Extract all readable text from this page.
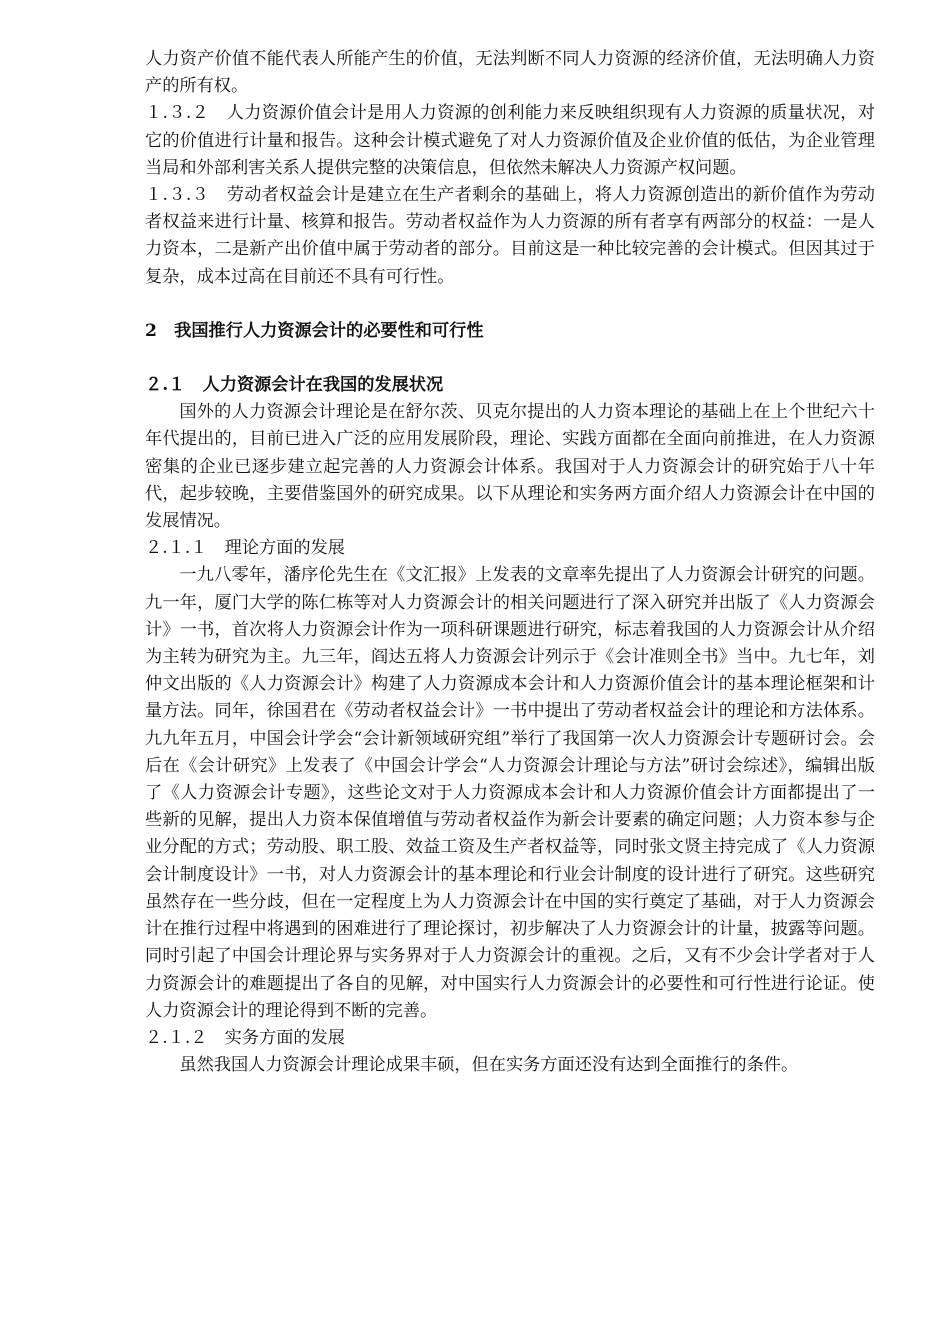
人力资产价值不能代表人所能产生的价值，无法判断不同人力资源的经济价值，无法明确人力资产的所有权。

１.３.２　人力资源价值会计是用人力资源的创利能力来反映组织现有人力资源的质量状况，对它的价值进行计量和报告。这种会计模式避免了对人力资源价值及企业价值的低估，为企业管理当局和外部利害关系人提供完整的决策信息，但依然未解决人力资源产权问题。

１.３.３　劳动者权益会计是建立在生产者剩余的基础上，将人力资源创造出的新价值作为劳动者权益来进行计量、核算和报告。劳动者权益作为人力资源的所有者享有两部分的权益：一是人力资本，二是新产出价值中属于劳动者的部分。目前这是一种比较完善的会计模式。但因其过于复杂，成本过高在目前还不具有可行性。

2　我国推行人力资源会计的必要性和可行性
２.１　人力资源会计在我国的发展状况

国外的人力资源会计理论是在舒尔茨、贝克尔提出的人力资本理论的基础上在上个世纪六十年代提出的，目前已进入广泛的应用发展阶段，理论、实践方面都在全面向前推进，在人力资源密集的企业已逐步建立起完善的人力资源会计体系。我国对于人力资源会计的研究始于八十年代，起步较晚，主要借鉴国外的研究成果。以下从理论和实务两方面介绍人力资源会计在中国的发展情况。

２.１.１　理论方面的发展

一九八零年，潘序伦先生在《文汇报》上发表的文章率先提出了人力资源会计研究的问题。九一年，厦门大学的陈仁栋等对人力资源会计的相关问题进行了深入研究并出版了《人力资源会计》一书，首次将人力资源会计作为一项科研课题进行研究，标志着我国的人力资源会计从介绍为主转为研究为主。九三年，阎达五将人力资源会计列示于《会计准则全书》当中。九七年，刘仲文出版的《人力资源会计》构建了人力资源成本会计和人力资源价值会计的基本理论框架和计量方法。同年，徐国君在《劳动者权益会计》一书中提出了劳动者权益会计的理论和方法体系。九九年五月，中国会计学会“会计新领域研究组”举行了我国第一次人力资源会计专题研讨会。会后在《会计研究》上发表了《中国会计学会“人力资源会计理论与方法”研讨会综述》，编辑出版了《人力资源会计专题》，这些论文对于人力资源成本会计和人力资源价值会计方面都提出了一些新的见解，提出人力资本保值增值与劳动者权益作为新会计要素的确定问题；人力资本参与企业分配的方式；劳动股、职工股、效益工资及生产者权益等，同时张文贤主持完成了《人力资源会计制度设计》一书，对人力资源会计的基本理论和行业会计制度的设计进行了研究。这些研究虽然存在一些分歧，但在一定程度上为人力资源会计在中国的实行奠定了基础，对于人力资源会计在推行过程中将遇到的困难进行了理论探讨，初步解决了人力资源会计的计量，披露等问题。同时引起了中国会计理论界与实务界对于人力资源会计的重视。之后，又有不少会计学者对于人力资源会计的难题提出了各自的见解，对中国实行人力资源会计的必要性和可行性进行论证。使人力资源会计的理论得到不断的完善。

２.１.２　实务方面的发展

虽然我国人力资源会计理论成果丰硕，但在实务方面还没有达到全面推行的条件。
